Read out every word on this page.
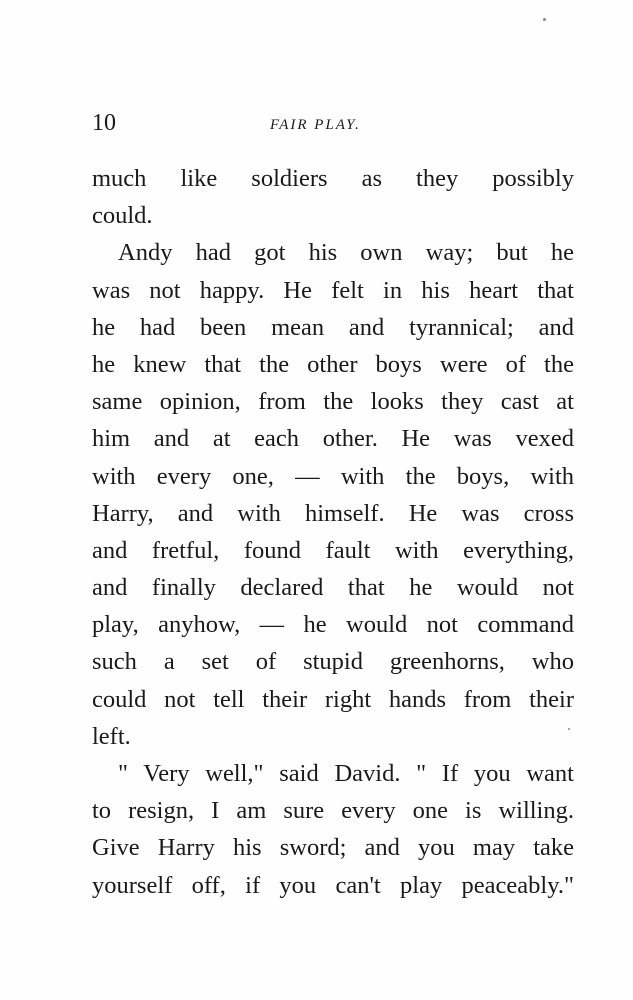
10	FAIR PLAY.
much like soldiers as they possibly
could.
Andy had got his own way; but he
was not happy. He felt in his heart that
he had been mean and tyrannical; and
he knew that the other boys were of the
same opinion, from the looks they cast at
him and at each other. He was vexed
with every one, — with the boys, with
Harry, and with himself. He was cross
and fretful, found fault with everything,
and finally declared that he would not
play, anyhow, — he would not command
such a set of stupid greenhorns, who
could not tell their right hands from their
left.
" Very well," said David. " If you want
to resign, I am sure every one is willing.
Give Harry his sword; and you may take
yourself off, if you can't play peaceably."
